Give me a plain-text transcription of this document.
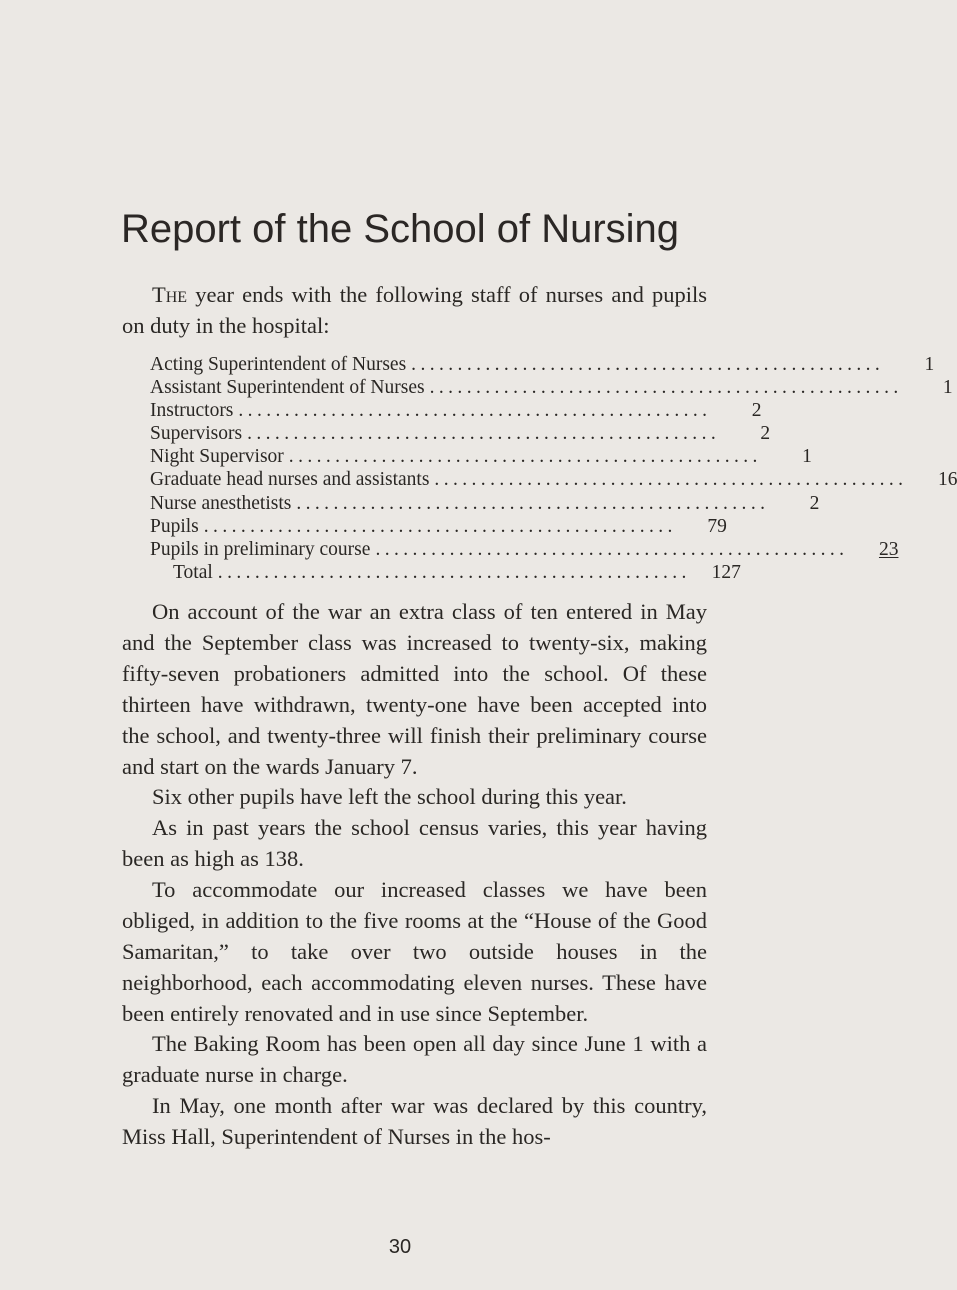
Report of the School of Nursing

The year ends with the following staff of nurses and pupils on duty in the hospital:

Acting Superintendent of Nurses ...................................................	1
Assistant Superintendent of Nurses ...................................................	1
Instructors ...................................................	2
Supervisors ...................................................	2
Night Supervisor ...................................................	1
Graduate head nurses and assistants ...................................................	16
Nurse anesthetists ...................................................	2
Pupils ...................................................	79
Pupils in preliminary course ...................................................	23
Total ...................................................	127

On account of the war an extra class of ten entered in May and the September class was increased to twenty-six, making fifty-seven probationers admitted into the school. Of these thirteen have withdrawn, twenty-one have been accepted into the school, and twenty-three will finish their preliminary course and start on the wards January 7.

Six other pupils have left the school during this year.

As in past years the school census varies, this year having been as high as 138.

To accommodate our increased classes we have been obliged, in addition to the five rooms at the “House of the Good Samaritan,” to take over two outside houses in the neighborhood, each accommodating eleven nurses. These have been entirely renovated and in use since September.

The Baking Room has been open all day since June 1 with a graduate nurse in charge.

In May, one month after war was declared by this country, Miss Hall, Superintendent of Nurses in the hos-

30
